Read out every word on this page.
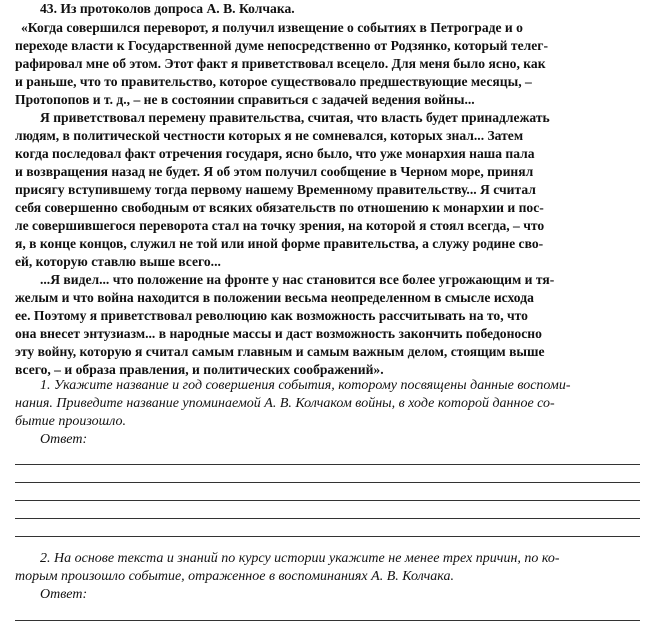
43. Из протоколов допроса А. В. Колчака.
«Когда совершился переворот, я получил извещение о событиях в Петрограде и о
переходе власти к Государственной думе непосредственно от Родзянко, который телег-
рафировал мне об этом. Этот факт я приветствовал всецело. Для меня было ясно, как
и раньше, что то правительство, которое существовало предшествующие месяцы, –
Протопопов и т. д., – не в состоянии справиться с задачей ведения войны...
Я приветствовал перемену правительства, считая, что власть будет принадлежать
людям, в политической честности которых я не сомневался, которых знал... Затем
когда последовал факт отречения государя, ясно было, что уже монархия наша пала
и возвращения назад не будет. Я об этом получил сообщение в Черном море, принял
присягу вступившему тогда первому нашему Временному правительству... Я считал
себя совершенно свободным от всяких обязательств по отношению к монархии и пос-
ле совершившегося переворота стал на точку зрения, на которой я стоял всегда, – что
я, в конце концов, служил не той или иной форме правительства, а служу родине сво-
ей, которую ставлю выше всего...
...Я видел... что положение на фронте у нас становится все более угрожающим и тя-
желым и что война находится в положении весьма неопределенном в смысле исхода
ее. Поэтому я приветствовал революцию как возможность рассчитывать на то, что
она внесет энтузиазм... в народные массы и даст возможность закончить победоносно
эту войну, которую я считал самым главным и самым важным делом, стоящим выше
всего, – и образа правления, и политических соображений».
1. Укажите название и год совершения события, которому посвящены данные воспоми-
нания. Приведите название упоминаемой А. В. Колчаком войны, в ходе которой данное со-
бытие произошло.
Ответ:
2. На основе текста и знаний по курсу истории укажите не менее трех причин, по ко-
торым произошло событие, отраженное в воспоминаниях А. В. Колчака.
Ответ:
